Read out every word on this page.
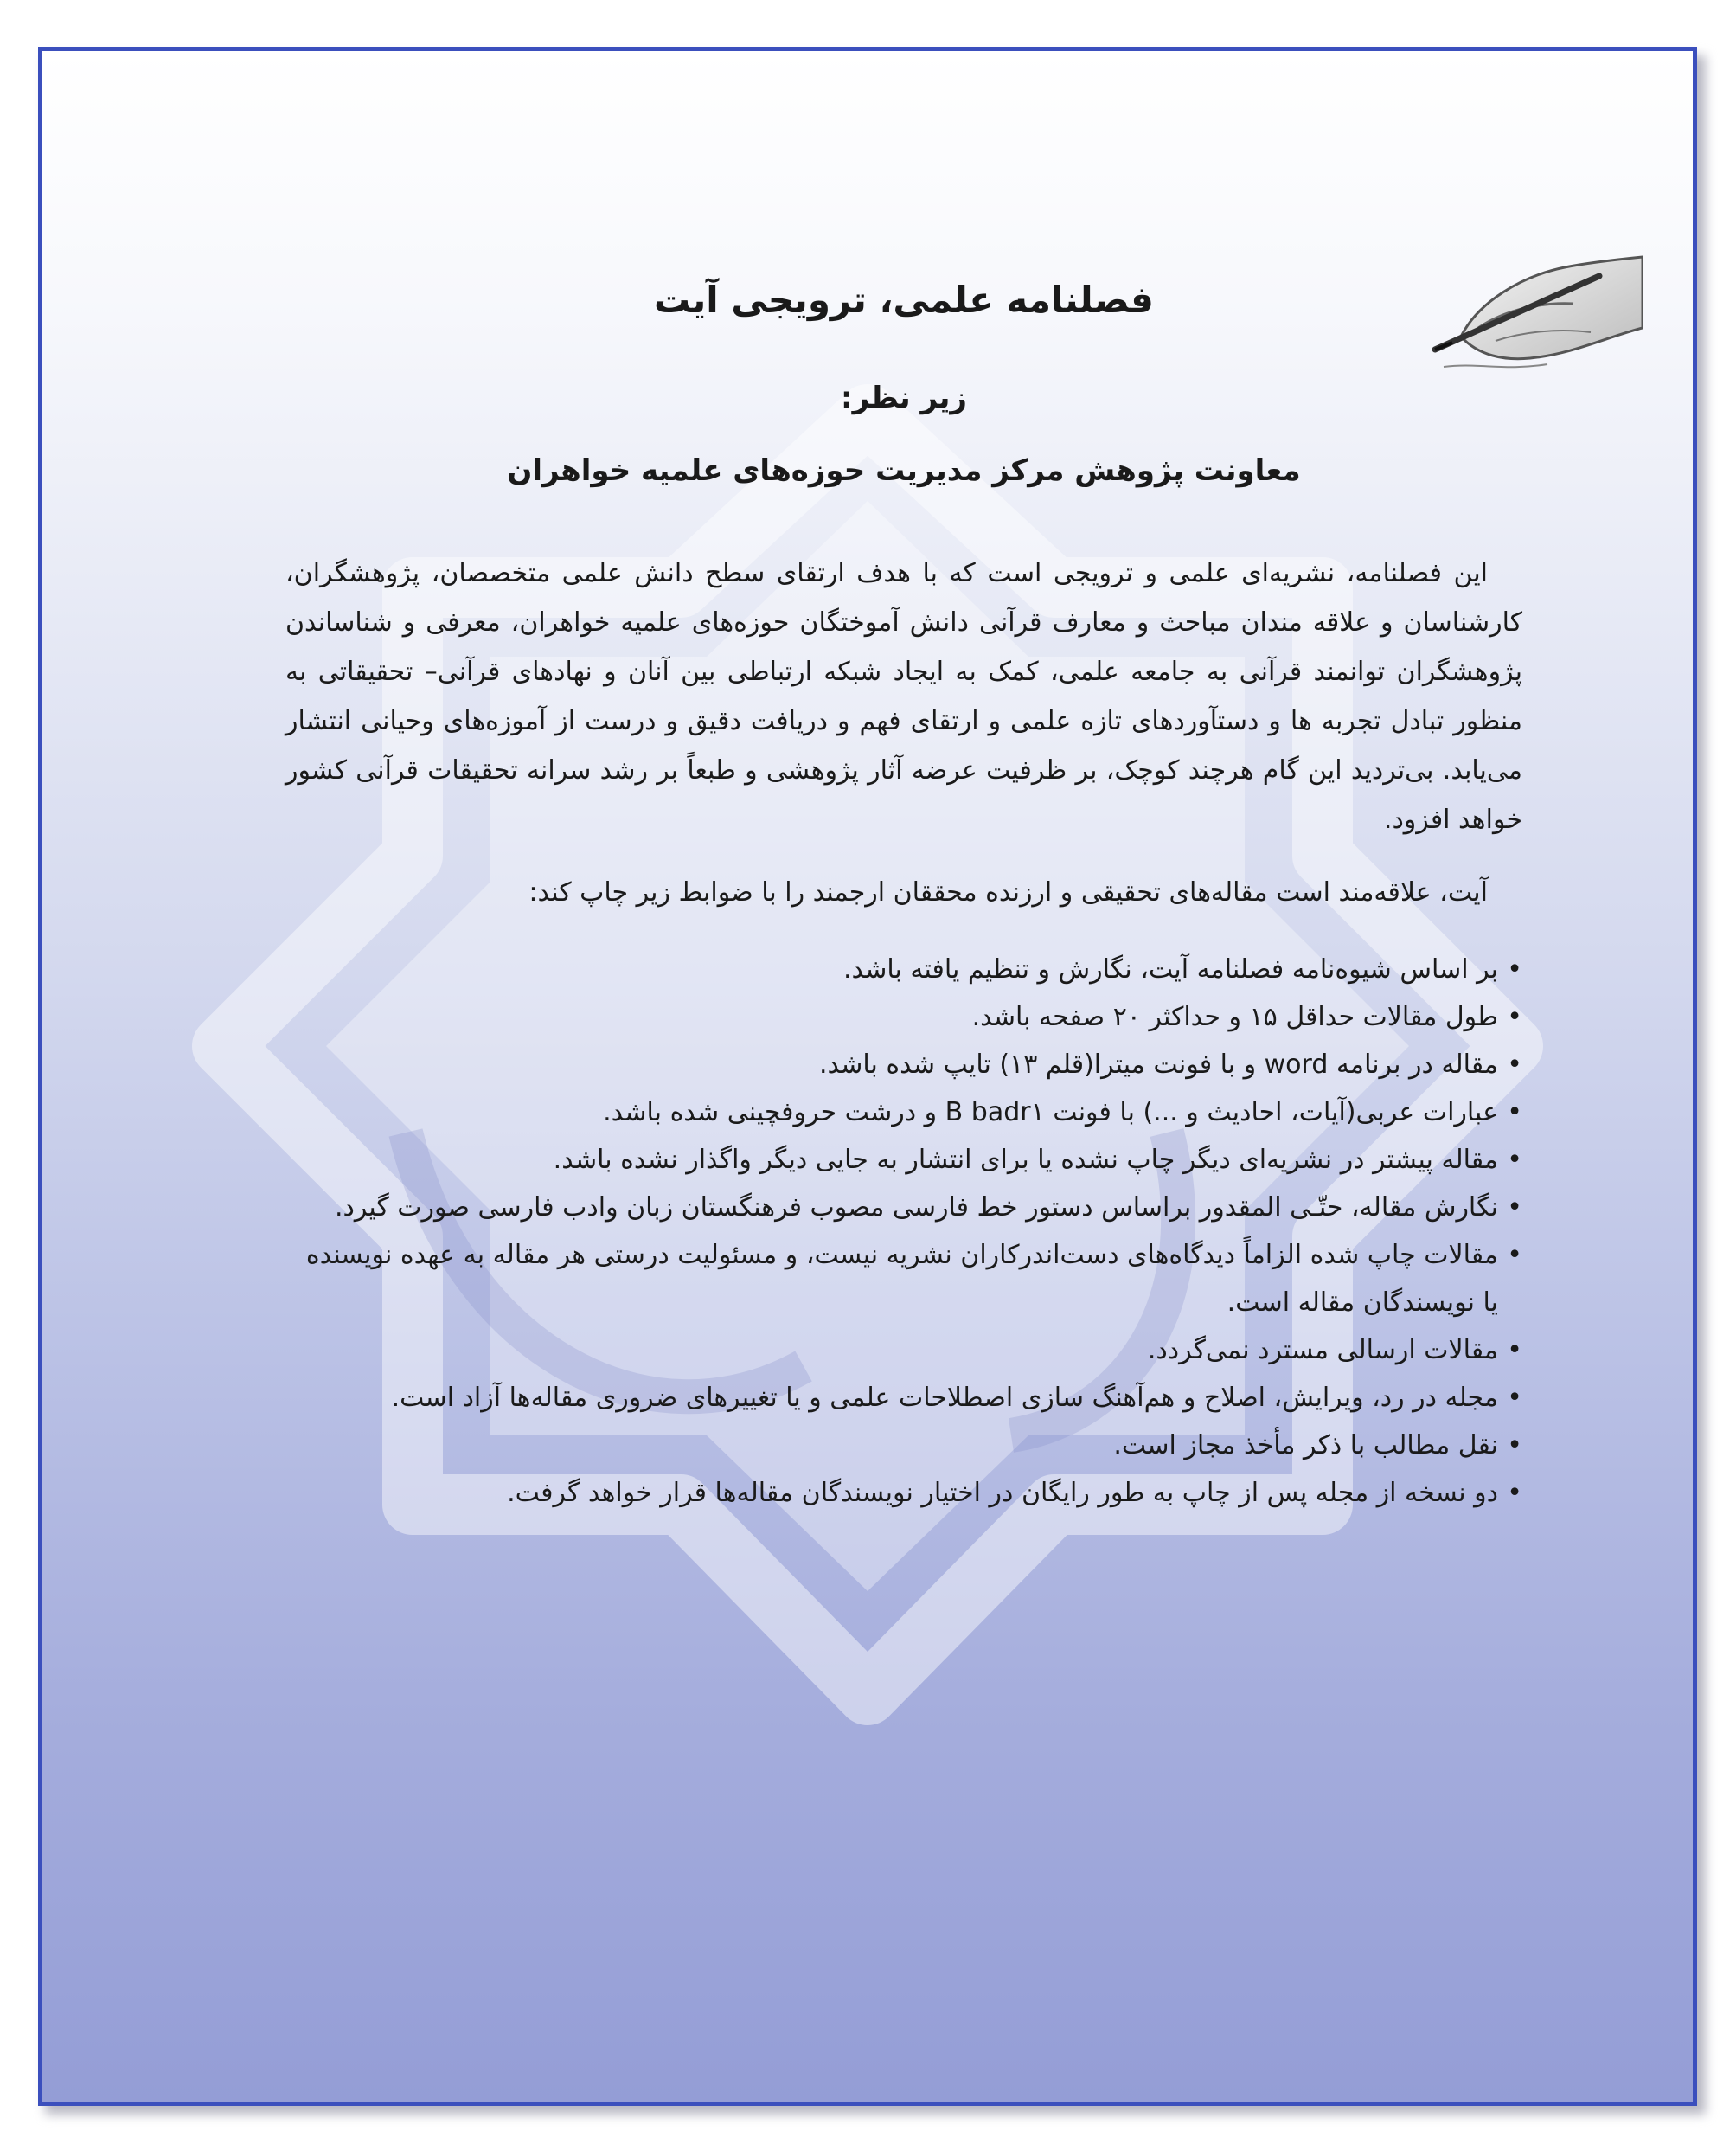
فصلنامه علمی، ترویجی آیت
زیر نظر:
معاونت پژوهش مرکز مدیریت حوزه‌های علمیه خواهران

این فصلنامه، نشریه‌ای علمی و ترویجی است که با هدف ارتقای سطح دانش علمی متخصصان، پژوهشگران، کارشناسان و علاقه مندان مباحث و معارف قرآنی دانش آموختگان حوزه‌های علمیه خواهران، معرفی و شناساندن پژوهشگران توانمند قرآنی به جامعه علمی، کمک به ایجاد شبکه ارتباطی بین آنان و نهادهای قرآنی– تحقیقاتی به منظور تبادل تجربه ها و دستآوردهای تازه علمی و ارتقای فهم و دریافت دقیق و درست از آموزه‌های وحیانی انتشار می‌یابد. بی‌تردید این گام هرچند کوچک، بر ظرفیت عرضه آثار پژوهشی و طبعاً بر رشد سرانه تحقیقات قرآنی کشور خواهد افزود.

آیت، علاقه‌مند است مقاله‌های تحقیقی و ارزنده محققان ارجمند را با ضوابط زیر چاپ کند:

•
بر اساس شیوه‌نامه فصلنامه آیت، نگارش و تنظیم یافته باشد.
•
طول مقالات حداقل ۱۵ و حداکثر ۲۰ صفحه باشد.
•
مقاله در برنامه word و با فونت میترا(قلم ۱۳) تایپ شده باشد.
•
عبارات عربی(آیات، احادیث و ...) با فونت B badr۱ و درشت حروفچینی شده باشد.
•
مقاله پیشتر در نشریه‌ای دیگر چاپ نشده یا برای انتشار به جایی دیگر واگذار نشده باشد.
•
نگارش مقاله، حتّـی المقدور براساس دستور خط فارسی مصوب فرهنگستان زبان وادب فارسی صورت گیرد.
•
مقالات چاپ شده الزاماً دیدگاه‌های دست‌اندرکاران نشریه نیست، و مسئولیت درستی هر مقاله به عهده نویسنده یا نویسندگان مقاله است.
•
مقالات ارسالی مسترد نمی‌گردد.
•
مجله در رد، ویرایش، اصلاح و هم‌آهنگ سازی اصطلاحات علمی و یا تغییرهای ضروری مقاله‌ها آزاد است.
•
نقل مطالب با ذکر مأخذ مجاز است.
•
دو نسخه از مجله پس از چاپ به طور رایگان در اختیار نویسندگان مقاله‌ها قرار خواهد گرفت.
